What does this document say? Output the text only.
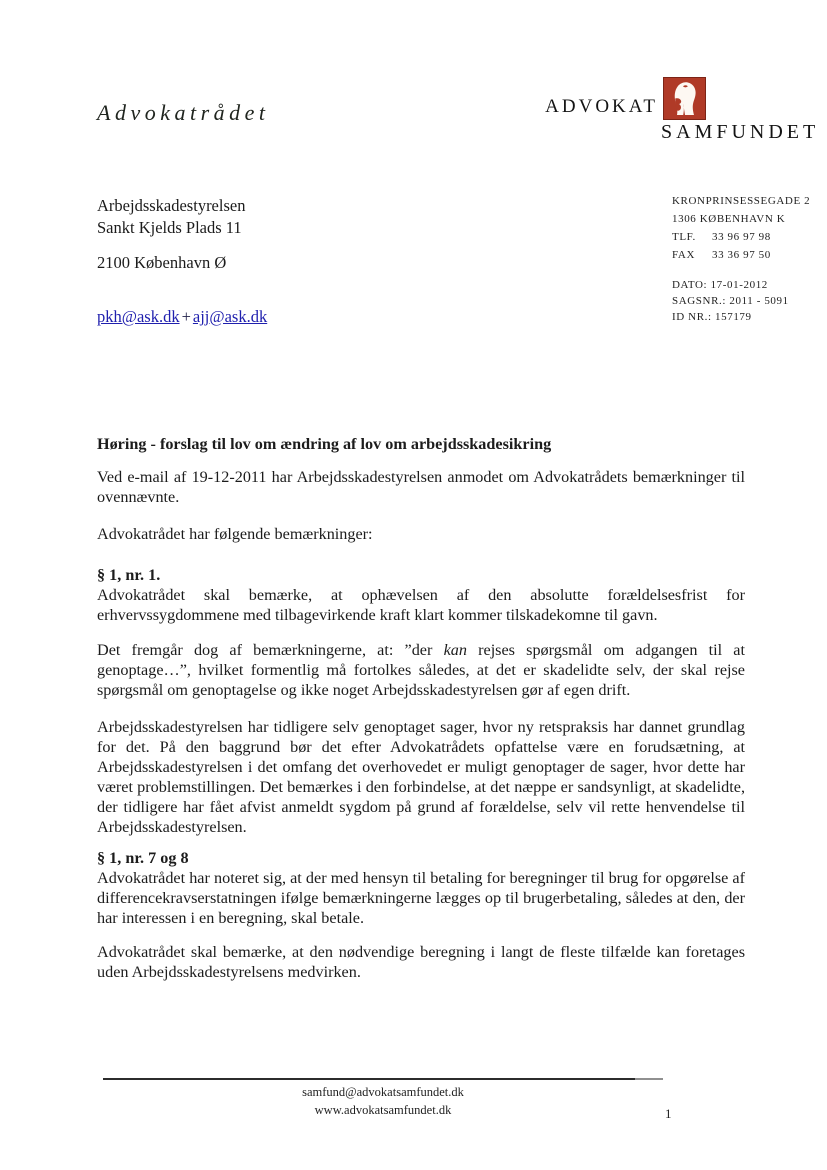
Advokatrådet	ADVOKAT
SAMFUNDET
Arbejdsskadestyrelsen
Sankt Kjelds Plads 11
2100 København Ø
pkh@ask.dk + ajj@ask.dk
KRONPRINSESSEGADE 2
1306 KØBENHAVN K
TLF. 33 96 97 98
FAX 33 36 97 50
DATO: 17-01-2012
SAGSNR.: 2011 - 5091
ID NR.: 157179

Høring - forslag til lov om ændring af lov om arbejdsskadesikring

Ved e-mail af 19-12-2011 har Arbejdsskadestyrelsen anmodet om Advokatrådets bemærkninger til ovennævnte.

Advokatrådet har følgende bemærkninger:

§ 1, nr. 1.

Advokatrådet skal bemærke, at ophævelsen af den absolutte forældelsesfrist for erhvervssygdommene med tilbagevirkende kraft klart kommer tilskadekomne til gavn.

Det fremgår dog af bemærkningerne, at: ”der kan rejses spørgsmål om adgangen til at genoptage…”, hvilket formentlig må fortolkes således, at det er skadelidte selv, der skal rejse spørgsmål om genoptagelse og ikke noget Arbejdsskadestyrelsen gør af egen drift.

Arbejdsskadestyrelsen har tidligere selv genoptaget sager, hvor ny retspraksis har dannet grundlag for det. På den baggrund bør det efter Advokatrådets opfattelse være en forudsætning, at Arbejdsskadestyrelsen i det omfang det overhovedet er muligt genoptager de sager, hvor dette har været problemstillingen. Det bemærkes i den forbindelse, at det næppe er sandsynligt, at skadelidte, der tidligere har fået afvist anmeldt sygdom på grund af forældelse, selv vil rette henvendelse til Arbejdsskadestyrelsen.

§ 1, nr. 7 og 8

Advokatrådet har noteret sig, at der med hensyn til betaling for beregninger til brug for opgørelse af differencekravserstatningen ifølge bemærkningerne lægges op til brugerbetaling, således at den, der har interessen i en beregning, skal betale.

Advokatrådet skal bemærke, at den nødvendige beregning i langt de fleste tilfælde kan foretages uden Arbejdsskadestyrelsens medvirken.

samfund@advokatsamfundet.dk
www.advokatsamfundet.dk	1
